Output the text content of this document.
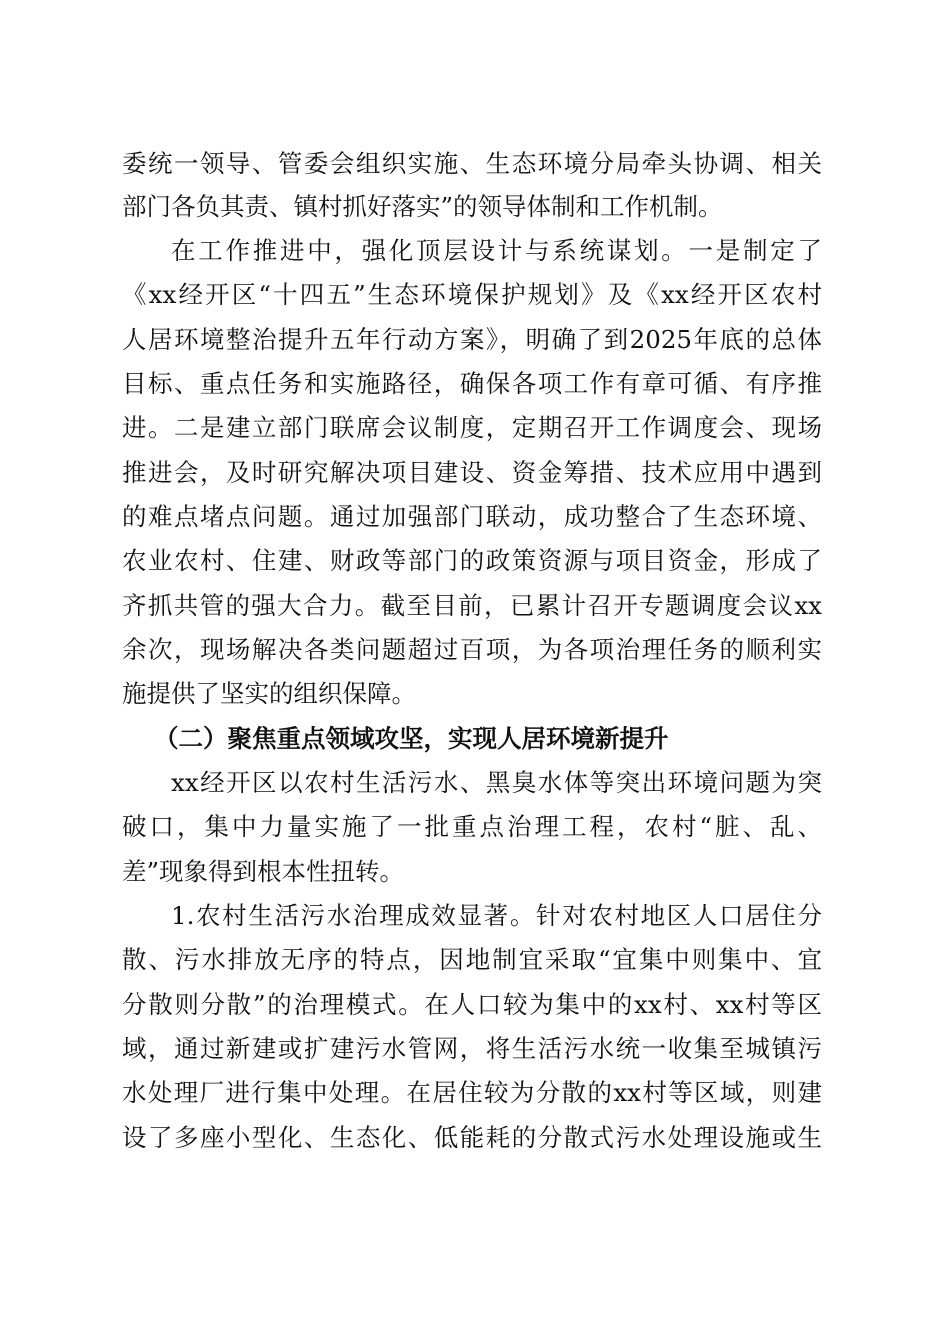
委统一领导、管委会组织实施、生态环境分局牵头协调、相关
部门各负其责、镇村抓好落实”的领导体制和工作机制。
在工作推进中，强化顶层设计与系统谋划。一是制定了
《xx经开区“十四五”生态环境保护规划》及《xx经开区农村
人居环境整治提升五年行动方案》，明确了到2025年底的总体
目标、重点任务和实施路径，确保各项工作有章可循、有序推
进。二是建立部门联席会议制度，定期召开工作调度会、现场
推进会，及时研究解决项目建设、资金筹措、技术应用中遇到
的难点堵点问题。通过加强部门联动，成功整合了生态环境、
农业农村、住建、财政等部门的政策资源与项目资金，形成了
齐抓共管的强大合力。截至目前，已累计召开专题调度会议xx
余次，现场解决各类问题超过百项，为各项治理任务的顺利实
施提供了坚实的组织保障。
（二）聚焦重点领域攻坚，实现人居环境新提升
xx经开区以农村生活污水、黑臭水体等突出环境问题为突
破口，集中力量实施了一批重点治理工程，农村“脏、乱、
差”现象得到根本性扭转。
1.农村生活污水治理成效显著。针对农村地区人口居住分
散、污水排放无序的特点，因地制宜采取“宜集中则集中、宜
分散则分散”的治理模式。在人口较为集中的xx村、xx村等区
域，通过新建或扩建污水管网，将生活污水统一收集至城镇污
水处理厂进行集中处理。在居住较为分散的xx村等区域，则建
设了多座小型化、生态化、低能耗的分散式污水处理设施或生
